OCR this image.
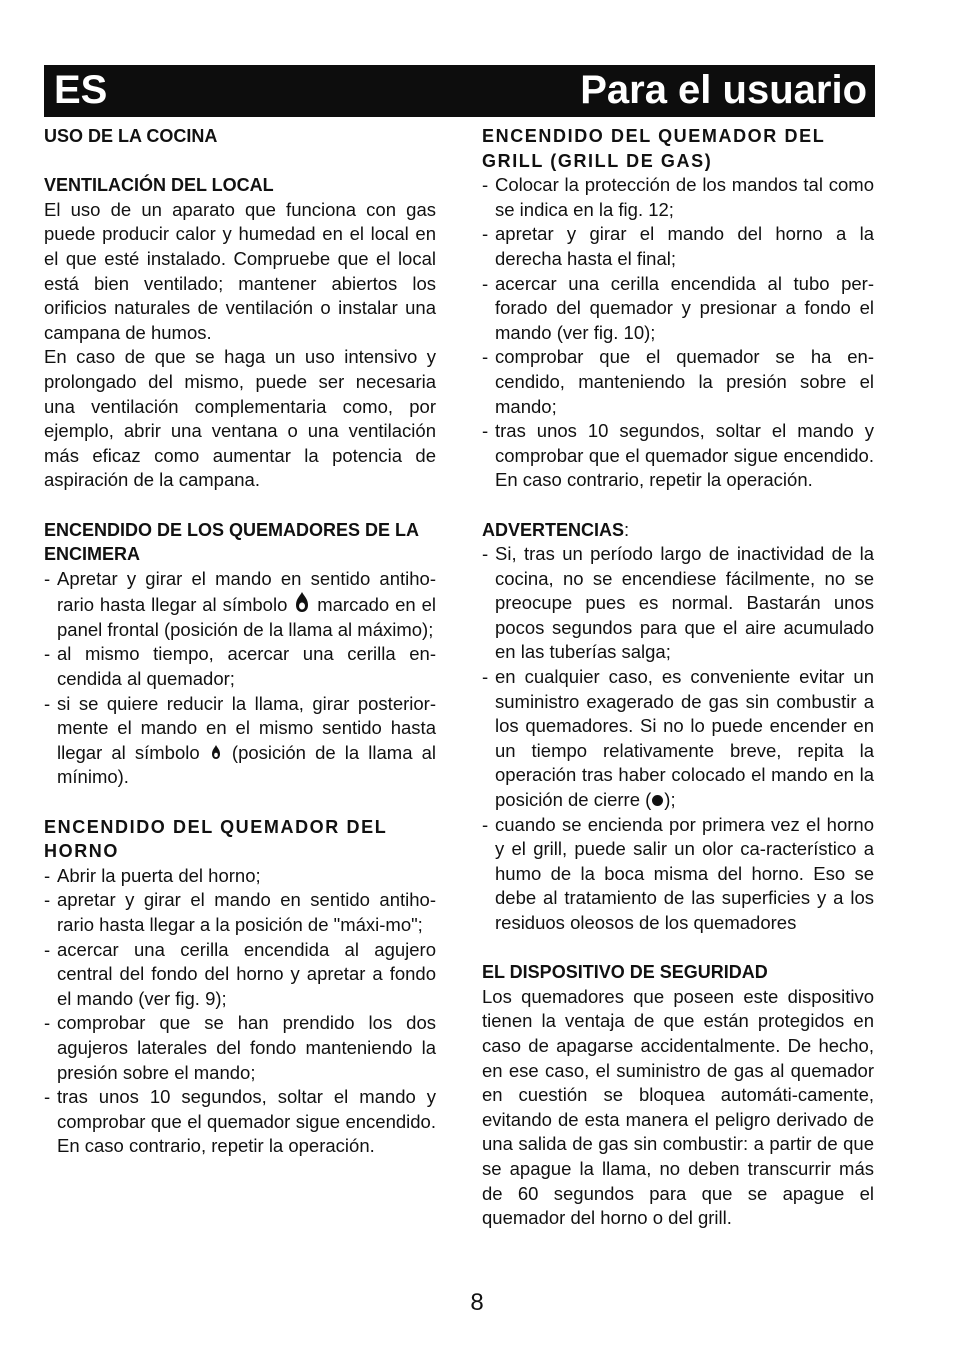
ES	Para el usuario
USO DE LA COCINA
VENTILACIÓN DEL LOCAL

El uso de un aparato que funciona con gas puede producir calor y humedad en el local en el que esté instalado. Compruebe que el local está bien ventilado; mantener abiertos los orificios naturales de ventilación o instalar una campana de humos.

En caso de que se haga un uso intensivo y prolongado del mismo, puede ser necesaria una ventilación complementaria como, por ejemplo, abrir una ventana o una ventilación más eficaz como aumentar la potencia de aspiración de la campana.

ENCENDIDO DE LOS QUEMADORES DE LA ENCIMERA
- Apretar y girar el mando en sentido antiho-rario hasta llegar al símbolo marcado en el panel frontal (posición de la llama al máximo);
- al mismo tiempo, acercar una cerilla en-cendida al quemador;
- si se quiere reducir la llama, girar posterior-mente el mando en el mismo sentido hasta llegar al símbolo (posición de la llama al mínimo).
ENCENDIDO DEL QUEMADOR DEL HORNO
- Abrir la puerta del horno;
- apretar y girar el mando en sentido antiho-rario hasta llegar a la posición de "máxi-mo";
- acercar una cerilla encendida al agujero central del fondo del horno y apretar a fondo el mando (ver fig. 9);
- comprobar que se han prendido los dos agujeros laterales del fondo manteniendo la presión sobre el mando;
- tras unos 10 segundos, soltar el mando y comprobar que el quemador sigue encendido. En caso contrario, repetir la operación.
ENCENDIDO DEL QUEMADOR DEL GRILL (GRILL DE GAS)
- Colocar la protección de los mandos tal como se indica en la fig. 12;
- apretar y girar el mando del horno a la derecha hasta el final;
- acercar una cerilla encendida al tubo per-forado del quemador y presionar a fondo el mando (ver fig. 10);
- comprobar que el quemador se ha en-cendido, manteniendo la presión sobre el mando;
- tras unos 10 segundos, soltar el mando y comprobar que el quemador sigue encendido. En caso contrario, repetir la operación.
ADVERTENCIAS:
- Si, tras un período largo de inactividad de la cocina, no se encendiese fácilmente, no se preocupe pues es normal. Bastarán unos pocos segundos para que el aire acumulado en las tuberías salga;
- en cualquier caso, es conveniente evitar un suministro exagerado de gas sin combustir a los quemadores. Si no lo puede encender en un tiempo relativamente breve, repita la operación tras haber colocado el mando en la posición de cierre ( );
- cuando se encienda por primera vez el horno y el grill, puede salir un olor ca-racterístico a humo de la boca misma del horno. Eso se debe al tratamiento de las superficies y a los residuos oleosos de los quemadores
EL DISPOSITIVO DE SEGURIDAD

Los quemadores que poseen este dispositivo tienen la ventaja de que están protegidos en caso de apagarse accidentalmente. De hecho, en ese caso, el suministro de gas al quemador en cuestión se bloquea automáti-camente, evitando de esta manera el peligro derivado de una salida de gas sin combustir: a partir de que se apague la llama, no deben transcurrir más de 60 segundos para que se apague el quemador del horno o del grill.

8
